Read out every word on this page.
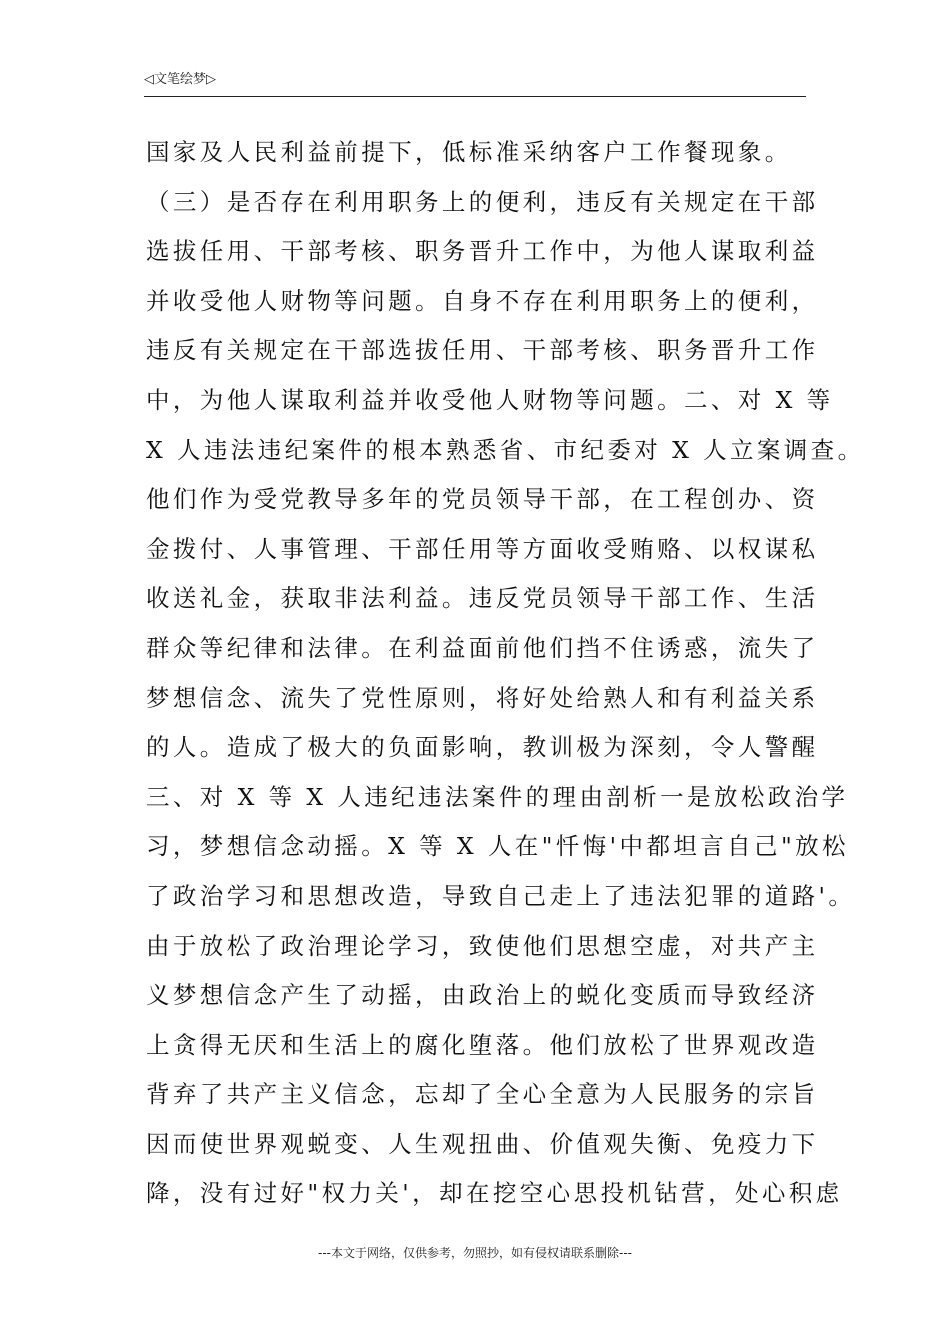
◁文笔绘梦▷
国家及人民利益前提下，低标准采纳客户工作餐现象。
（三）是否存在利用职务上的便利，违反有关规定在干部
选拔任用、干部考核、职务晋升工作中，为他人谋取利益
并收受他人财物等问题。自身不存在利用职务上的便利，
违反有关规定在干部选拔任用、干部考核、职务晋升工作
中，为他人谋取利益并收受他人财物等问题。二、对 X 等
X 人违法违纪案件的根本熟悉省、市纪委对 X 人立案调查。
他们作为受党教导多年的党员领导干部，在工程创办、资
金拨付、人事管理、干部任用等方面收受贿赂、以权谋私
收送礼金，获取非法利益。违反党员领导干部工作、生活
群众等纪律和法律。在利益面前他们挡不住诱惑，流失了
梦想信念、流失了党性原则，将好处给熟人和有利益关系
的人。造成了极大的负面影响，教训极为深刻，令人警醒
三、对 X 等 X 人违纪违法案件的理由剖析一是放松政治学
习，梦想信念动摇。X 等 X 人在"忏悔'中都坦言自己"放松
了政治学习和思想改造，导致自己走上了违法犯罪的道路'。
由于放松了政治理论学习，致使他们思想空虚，对共产主
义梦想信念产生了动摇，由政治上的蜕化变质而导致经济
上贪得无厌和生活上的腐化堕落。他们放松了世界观改造
背弃了共产主义信念，忘却了全心全意为人民服务的宗旨
因而使世界观蜕变、人生观扭曲、价值观失衡、免疫力下
降，没有过好"权力关'，却在挖空心思投机钻营，处心积虑
---本文于网络，仅供参考，勿照抄，如有侵权请联系删除---
